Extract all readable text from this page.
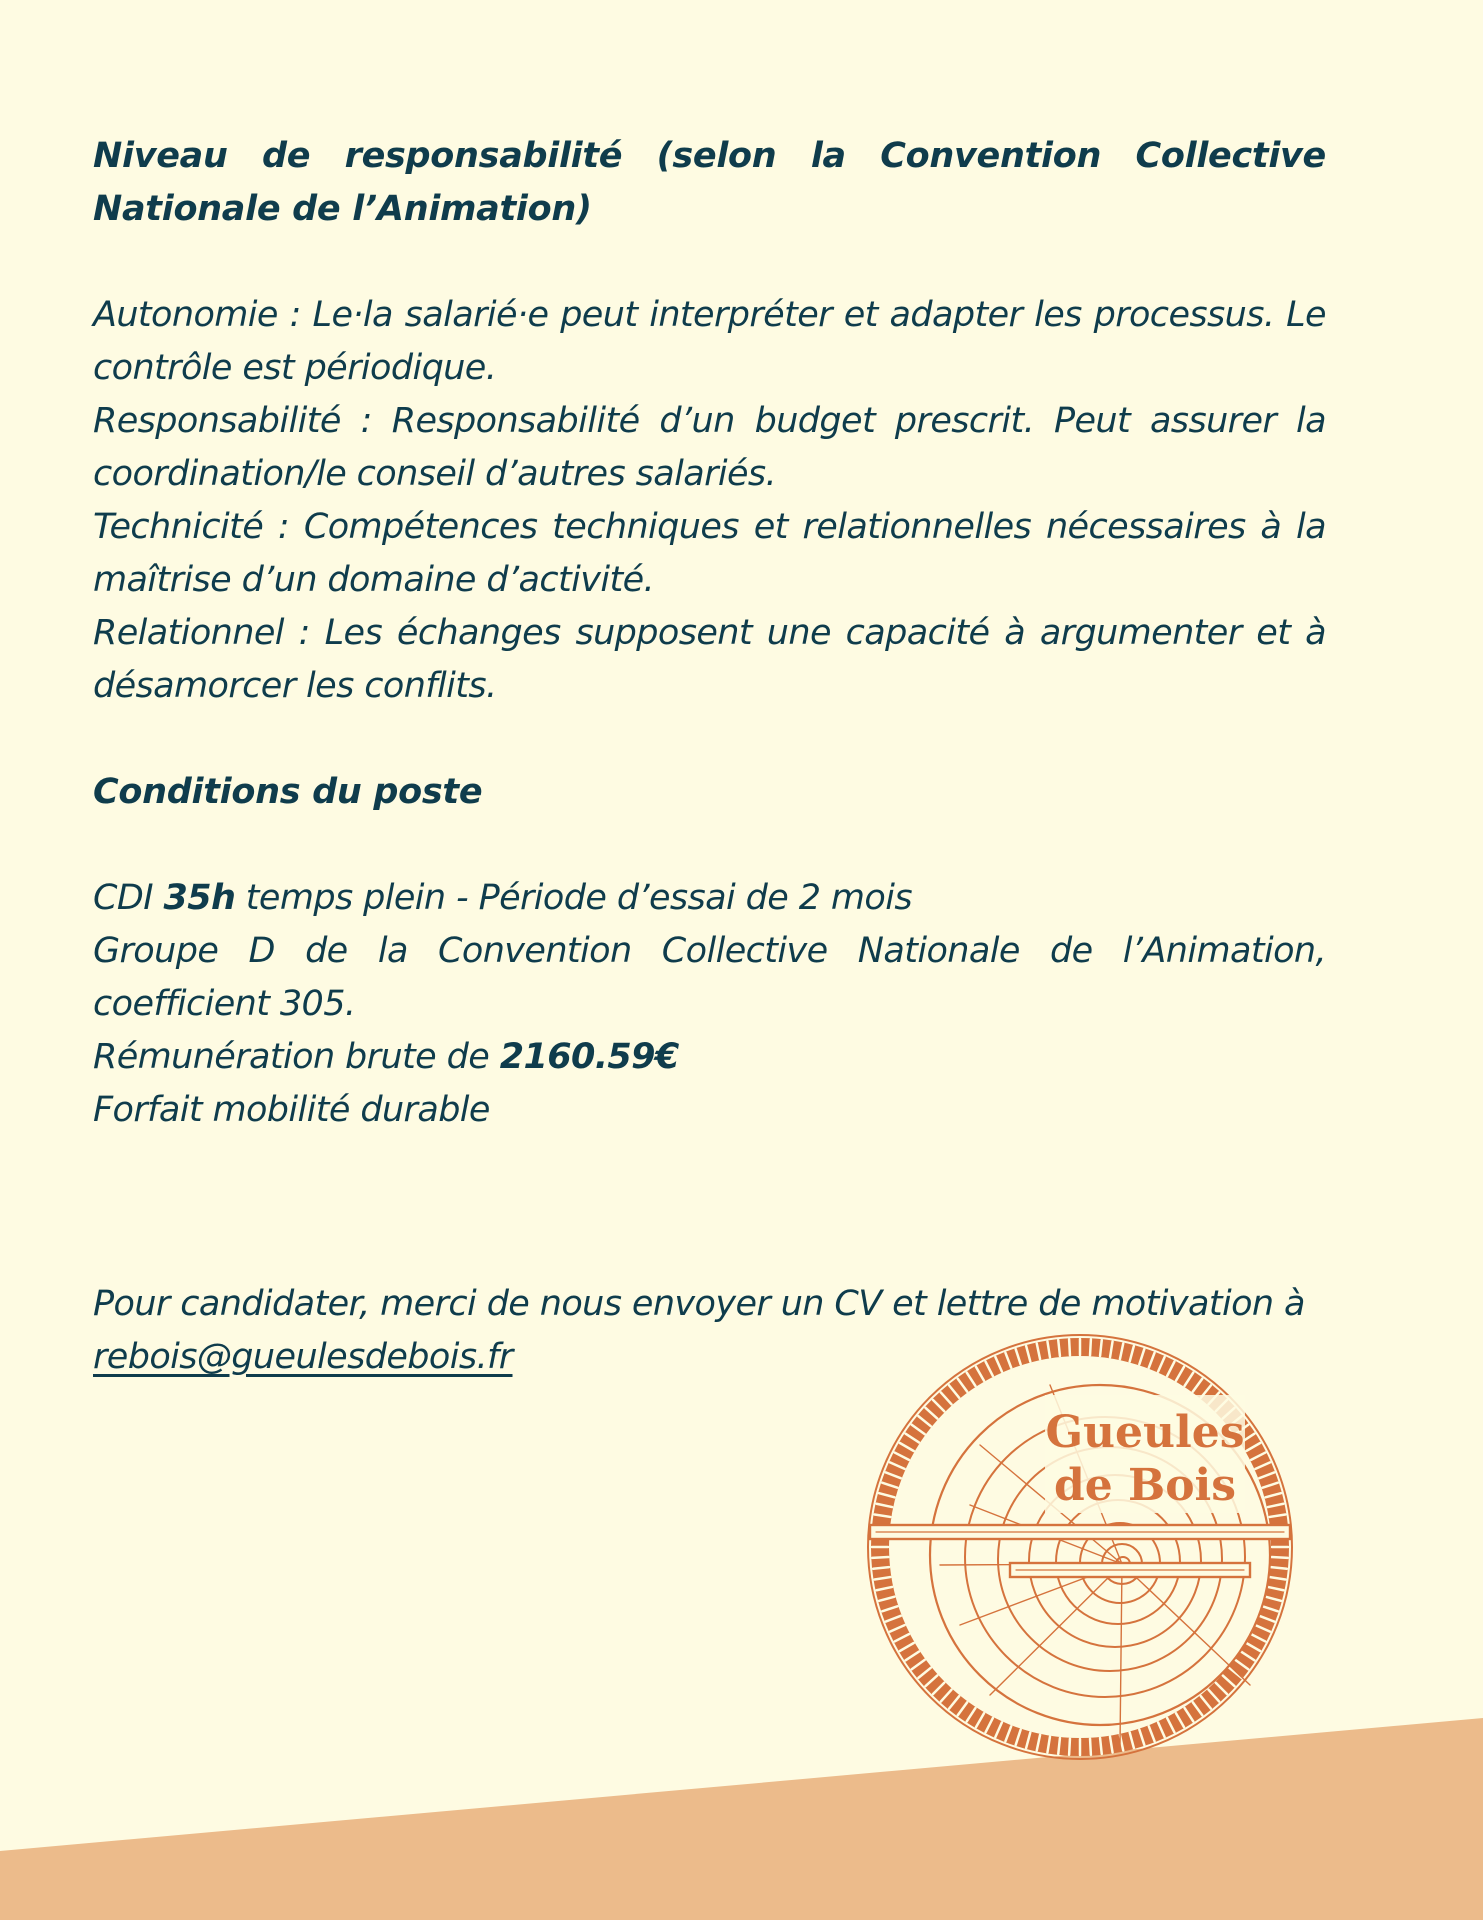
Niveau de responsabilité (selon la Convention Collective Nationale de l’Animation)

Autonomie : Le·la salarié·e peut interpréter et adapter les processus. Le contrôle est périodique.

Responsabilité : Responsabilité d’un budget prescrit. Peut assurer la coordination/le conseil d’autres salariés.

Technicité : Compétences techniques et relationnelles nécessaires à la maîtrise d’un domaine d’activité.

Relationnel : Les échanges supposent une capacité à argumenter et à désamorcer les conflits.

Conditions du poste

CDI 35h temps plein - Période d’essai de 2 mois

Groupe D de la Convention Collective Nationale de l’Animation, coefficient 305.

Rémunération brute de 2160.59€

Forfait mobilité durable

Pour candidater, merci de nous envoyer un CV et lettre de motivation à

rebois@gueulesdebois.fr

Gueules
de Bois
